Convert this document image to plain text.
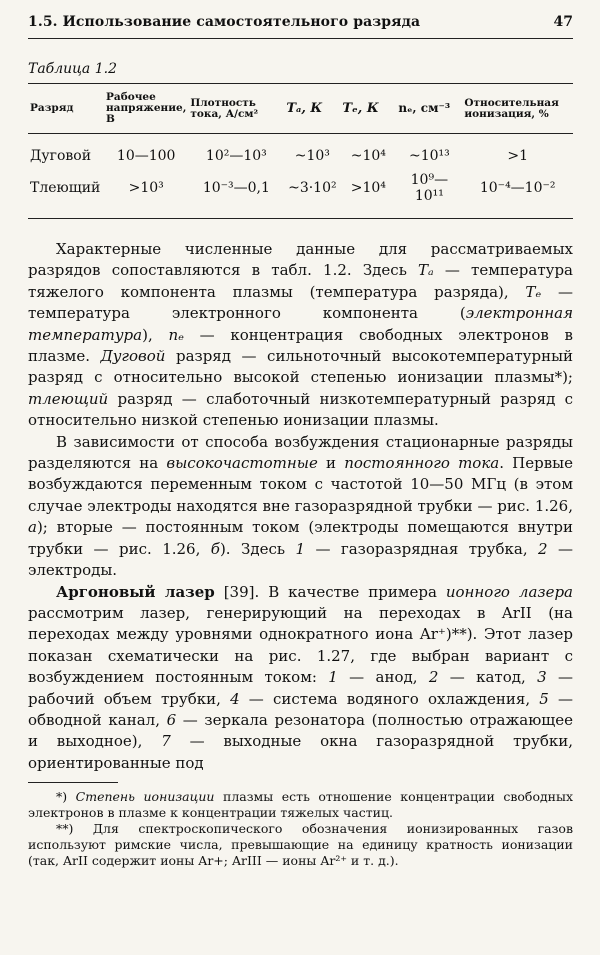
1.5. Использование самостоятельного разряда	47
Таблица 1.2
Разряд	Рабочее напряжение, В	Плотность тока, А/см²	Tₐ, К	Tₑ, К	nₑ, см⁻³	Относительная ионизация, %
Дуговой	10—100	10²—10³	~10³	~10⁴	~10¹³	>1
Тлеющий	>10³	10⁻³—0,1	~3·10²	>10⁴	10⁹—10¹¹	10⁻⁴—10⁻²

Характерные численные данные для рассматриваемых разрядов сопоставляются в табл. 1.2. Здесь Tₐ — температура тяжелого компонента плазмы (температура разряда), Tₑ — температура электронного компонента (электронная температура), nₑ — концентрация свободных электронов в плазме. Дуговой разряд — сильноточный высокотемпературный разряд с относительно высокой степенью ионизации плазмы*); тлеющий разряд — слаботочный низкотемпературный разряд с относительно низкой степенью ионизации плазмы.

В зависимости от способа возбуждения стационарные разряды разделяются на высокочастотные и постоянного тока. Первые возбуждаются переменным током с частотой 10—50 МГц (в этом случае электроды находятся вне газоразрядной трубки — рис. 1.26, а); вторые — постоянным током (электроды помещаются внутри трубки — рис. 1.26, б). Здесь 1 — газоразрядная трубка, 2 — электроды.

Аргоновый лазер [39]. В качестве примера ионного лазера рассмотрим лазер, генерирующий на переходах в ArII (на переходах между уровнями однократного иона Ar⁺)**). Этот лазер показан схематически на рис. 1.27, где выбран вариант с возбуждением постоянным током: 1 — анод, 2 — катод, 3 — рабочий объем трубки, 4 — система водяного охлаждения, 5 — обводной канал, 6 — зеркала резонатора (полностью отражающее и выходное), 7 — выходные окна газоразрядной трубки, ориентированные под

*) Степень ионизации плазмы есть отношение концентрации свободных электронов в плазме к концентрации тяжелых частиц.

**) Для спектроскопического обозначения ионизированных газов используют римские числа, превышающие на единицу кратность ионизации (так, ArII содержит ионы Ar+; ArIII — ионы Ar²⁺ и т. д.).
